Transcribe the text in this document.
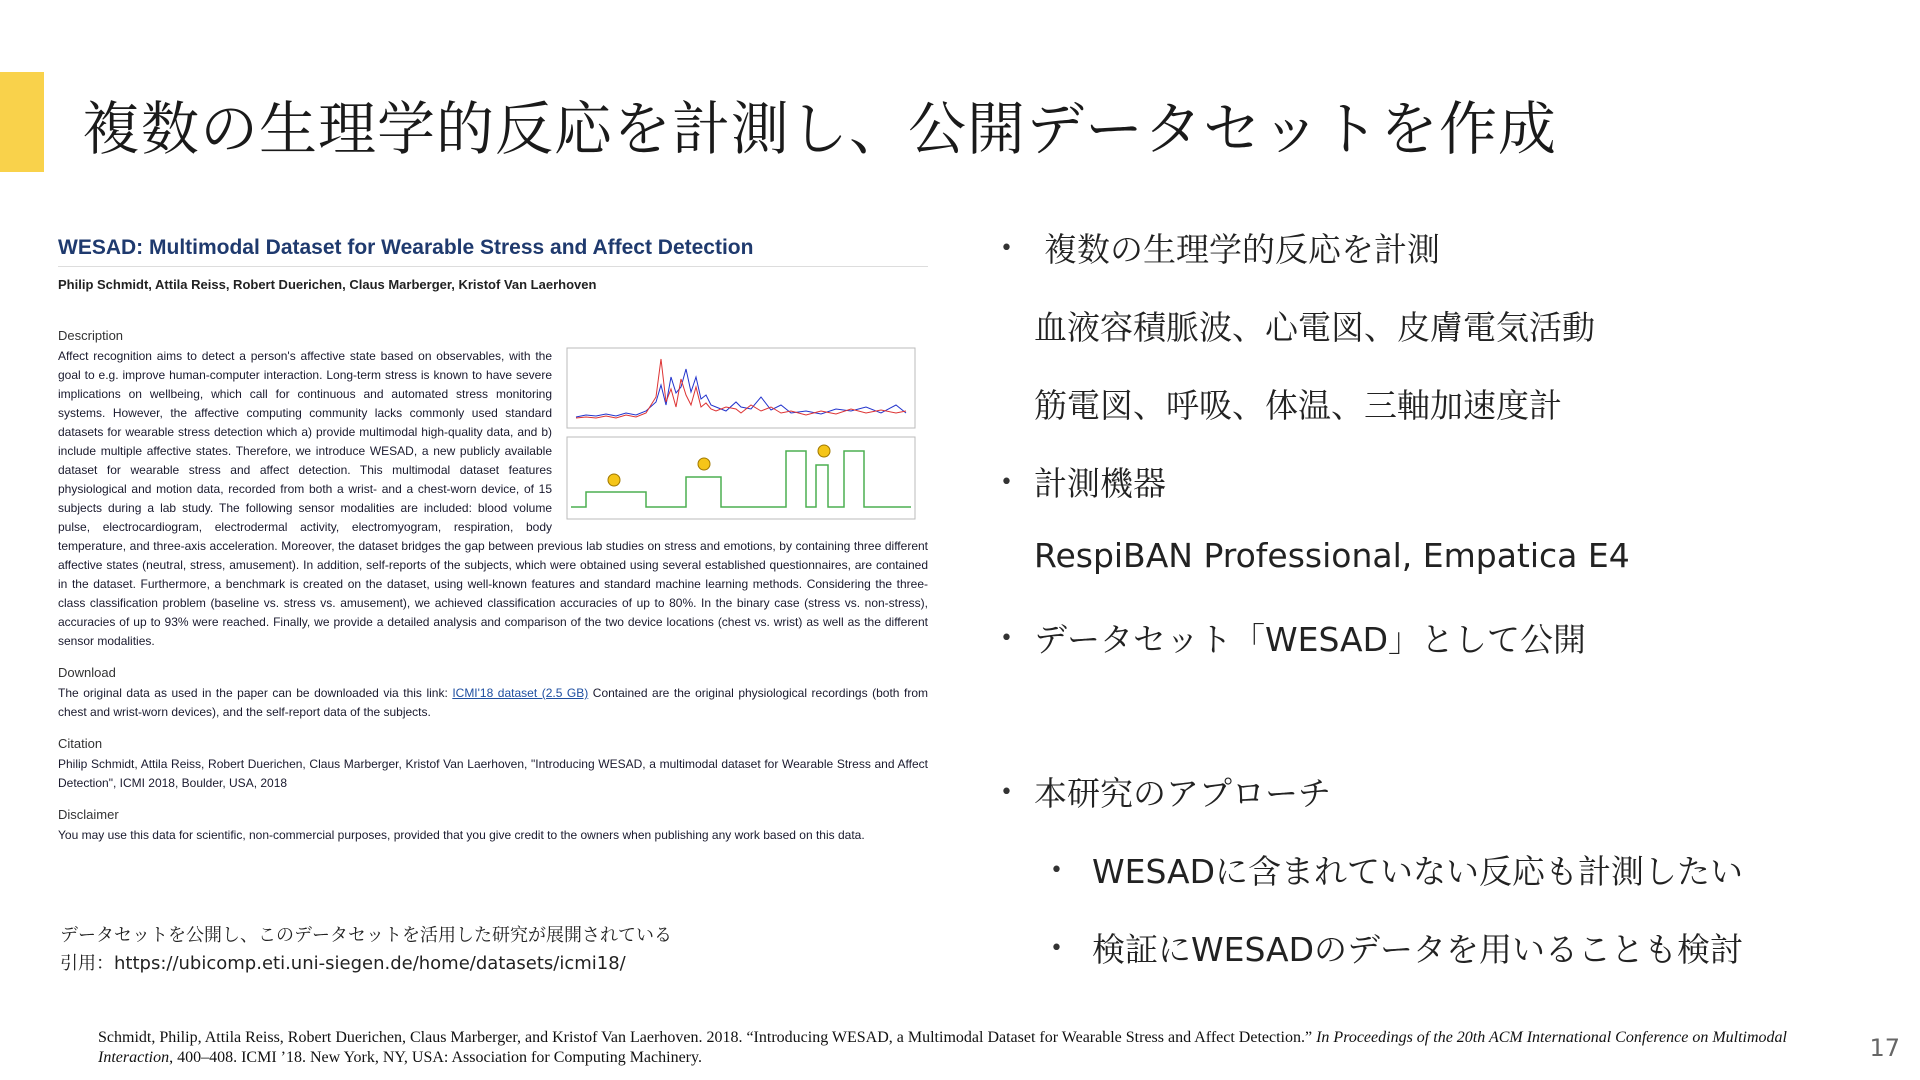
複数の生理学的反応を計測し、公開データセットを作成
WESAD: Multimodal Dataset for Wearable Stress and Affect Detection
Philip Schmidt, Attila Reiss, Robert Duerichen, Claus Marberger, Kristof Van Laerhoven
Description
Affect recognition aims to detect a person's affective state based on observables, with the goal to e.g. improve human-computer interaction. Long-term stress is known to have severe implications on wellbeing, which call for continuous and automated stress monitoring systems. However, the affective computing community lacks commonly used standard datasets for wearable stress detection which a) provide multimodal high-quality data, and b) include multiple affective states. Therefore, we introduce WESAD, a new publicly available dataset for wearable stress and affect detection. This multimodal dataset features physiological and motion data, recorded from both a wrist- and a chest-worn device, of 15 subjects during a lab study. The following sensor modalities are included: blood volume pulse, electrocardiogram, electrodermal activity, electromyogram, respiration, body temperature, and three-axis acceleration. Moreover, the dataset bridges the gap between previous lab studies on stress and emotions, by containing three different affective states (neutral, stress, amusement). In addition, self-reports of the subjects, which were obtained using several established questionnaires, are contained in the dataset. Furthermore, a benchmark is created on the dataset, using well-known features and standard machine learning methods. Considering the three-class classification problem (baseline vs. stress vs. amusement), we achieved classification accuracies of up to 80%. In the binary case (stress vs. non-stress), accuracies of up to 93% were reached. Finally, we provide a detailed analysis and comparison of the two device locations (chest vs. wrist) as well as the different sensor modalities.
Download
The original data as used in the paper can be downloaded via this link: ICMI'18 dataset (2.5 GB) Contained are the original physiological recordings (both from chest and wrist-worn devices), and the self-report data of the subjects.
Citation
Philip Schmidt, Attila Reiss, Robert Duerichen, Claus Marberger, Kristof Van Laerhoven, "Introducing WESAD, a multimodal dataset for Wearable Stress and Affect Detection", ICMI 2018, Boulder, USA, 2018
Disclaimer
You may use this data for scientific, non-commercial purposes, provided that you give credit to the owners when publishing any work based on this data.
データセットを公開し、このデータセットを活用した研究が展開されている
引用：https://ubicomp.eti.uni-siegen.de/home/datasets/icmi18/
• 複数の生理学的反応を計測
血液容積脈波、心電図、皮膚電気活動
筋電図、呼吸、体温、三軸加速度計
• 計測機器
RespiBAN Professional, Empatica E4
• データセット「WESAD」として公開
• 本研究のアプローチ
• WESADに含まれていない反応も計測したい
• 検証にWESADのデータを用いることも検討
Schmidt, Philip, Attila Reiss, Robert Duerichen, Claus Marberger, and Kristof Van Laerhoven. 2018. “Introducing WESAD, a Multimodal Dataset for Wearable Stress and Affect Detection.” In Proceedings of the 20th ACM International Conference on Multimodal Interaction, 400–408. ICMI ’18. New York, NY, USA: Association for Computing Machinery.	17
